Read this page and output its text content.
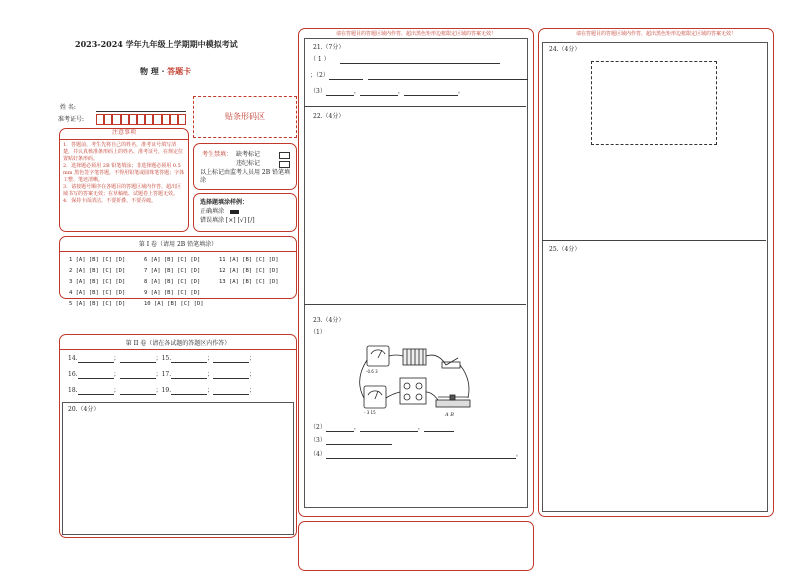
2023-2024 学年九年级上学期期中模拟考试
物 理 · 答题卡
姓 名:
准考证号:	贴条形码区
注意事项
1．答题前，考生先将自己的姓名，准考证号填写清楚，并认真核准条形码上的姓名、准考证号，在规定位置贴好条形码。
2．选择题必须用 2B 铅笔填涂；非选择题必须用 0.5 mm 黑色签字笔答题，不得用铅笔或圆珠笔答题；字体工整、笔迹清晰。
3．请按题号顺序在各题目的答题区域内作答，超出区域书写的答案无效；在草稿纸、试题卷上答题无效。
4．保持卡面清洁，不要折叠、不要弄破。
考生禁填： 缺考标记
违纪标记
以上标记由监考人员用 2B 铅笔填涂
选择题填涂样例：
正确填涂
错误填涂 [×] [√] [/]
第 I 卷（请用 2B 铅笔填涂）
1 [A] [B] [C] [D]
2 [A] [B] [C] [D]
3 [A] [B] [C] [D]
4 [A] [B] [C] [D]
5 [A] [B] [C] [D]
6 [A] [B] [C] [D]
7 [A] [B] [C] [D]
8 [A] [B] [C] [D]
9 [A] [B] [C] [D]
10 [A] [B] [C] [D]
11 [A] [B] [C] [D]
12 [A] [B] [C] [D]
13 [A] [B] [C] [D]
第 II 卷（请在各试题的答题区内作答）
14.	；	；15.	；	；
16.	；	；17.	；	；
18.	；	；19.	；	；
20.（4分）
请在答题目的答题区域内作答，超出黑色矩形边框限定区域的答案无效！
21.（7分）
（ 1 ）
；（2）
（3）	，	，	。
22.（4分）
23.（4分）
（1）
-0.6 3
- 3 15	A B
（2）	，	，
（3）
（4）	。
请在答题目的答题区域内作答，超出黑色矩形边框限定区域的答案无效！
24.（4分）
25.（4分）
